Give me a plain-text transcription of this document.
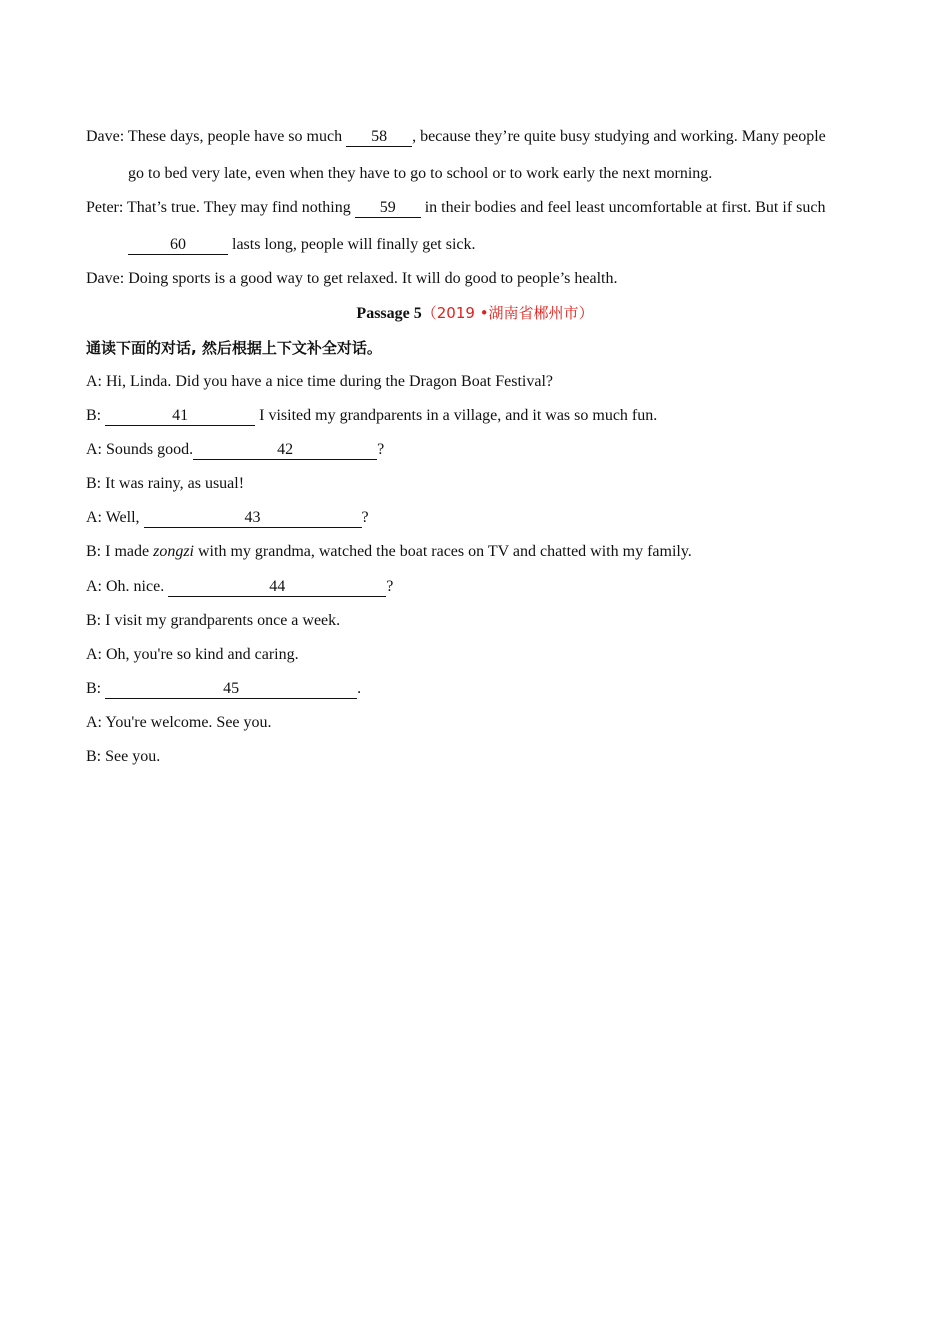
Dave: These days, people have so much 58 , because they’re quite busy studying and working. Many people
go to bed very late, even when they have to go to school or to work early the next morning.
Peter: That’s true. They may find nothing 59 in their bodies and feel least uncomfortable at first. But if such
60	lasts long, people will finally get sick.
Dave: Doing sports is a good way to get relaxed. It will do good to people’s health.
Passage 5（2019 •湖南省郴州市）
通读下面的对话, 然后根据上下文补全对话。
A: Hi, Linda. Did you have a nice time during the Dragon Boat Festival?
B:	41	I visited my grandparents in a village, and it was so much fun.
A: Sounds good.	42	?
B: It was rainy, as usual!
A: Well,	43	?
B: I made zongzi with my grandma, watched the boat races on TV and chatted with my family.
A: Oh. nice.	44	?
B: I visit my grandparents once a week.
A: Oh, you're so kind and caring.
B:	45	.
A: You're welcome. See you.
B: See you.
